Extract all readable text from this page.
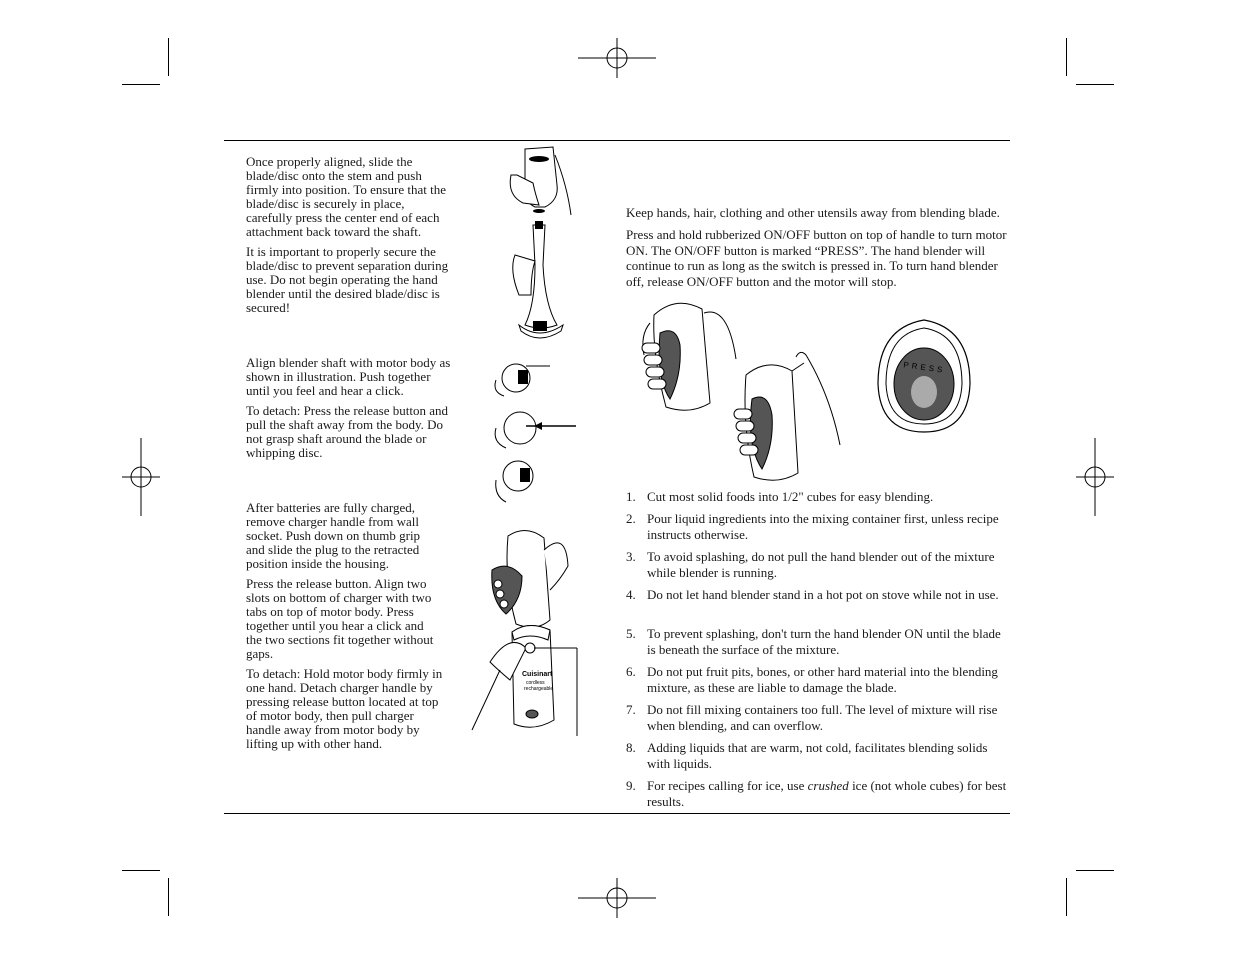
Once properly aligned, slide the blade/disc onto the stem and push firmly into position. To ensure that the blade/disc is securely in place, carefully press the center end of each attachment back toward the shaft.

It is important to properly secure the blade/disc to prevent separation during use. Do not begin operating the hand blender until the desired blade/disc is secured!

Align blender shaft with motor body as shown in illustration. Push together until you feel and hear a click.

To detach: Press the release button and pull the shaft away from the body. Do not grasp shaft around the blade or whipping disc.

After batteries are fully charged, remove charger handle from wall socket. Push down on thumb grip and slide the plug to the retracted position inside the housing.

Press the release button. Align two slots on bottom of charger with two tabs on top of motor body. Press together until you hear a click and the two sections fit together without gaps.

To detach: Hold motor body firmly in one hand. Detach charger handle by pressing release button located at top of motor body, then pull charger handle away from motor body by lifting up with other hand.

Cuisinart
cordless
rechargeable

Keep hands, hair, clothing and other utensils away from blending blade.

Press and hold rubberized ON/OFF button on top of handle to turn motor ON. The ON/OFF button is marked “PRESS”. The hand blender will continue to run as long as the switch is pressed in. To turn hand blender off, release ON/OFF button and the motor will stop.

PRESS
1. Cut most solid foods into 1/2" cubes for easy blending.
2. Pour liquid ingredients into the mixing container first, unless recipe instructs otherwise.
3. To avoid splashing, do not pull the hand blender out of the mixture while blender is running.
4. Do not let hand blender stand in a hot pot on stove while not in use.
5. To prevent splashing, don't turn the hand blender ON until the blade is beneath the surface of the mixture.
6. Do not put fruit pits, bones, or other hard material into the blending mixture, as these are liable to damage the blade.
7. Do not fill mixing containers too full. The level of mixture will rise when blending, and can overflow.
8. Adding liquids that are warm, not cold, facilitates blending solids with liquids.
9. For recipes calling for ice, use crushed ice (not whole cubes) for best results.
